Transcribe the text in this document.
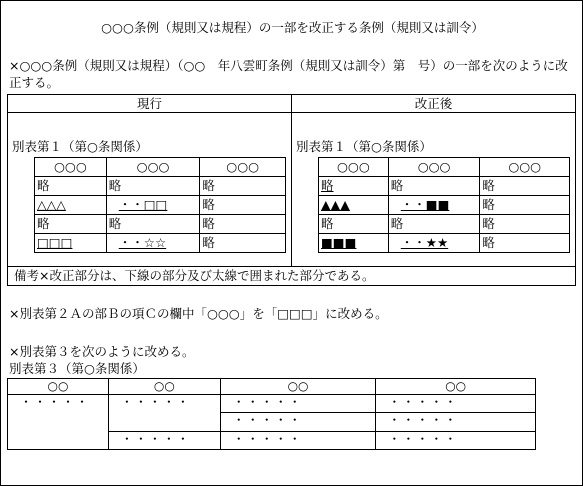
○○○条例（規則又は規程）の一部を改正する条例（規則又は訓令）
×○○○条例（規則又は規程）（○○　年八雲町条例（規則又は訓令）第　号）の一部を次のように改正する。
現行	改正後

別表第１（第○条関係）
○○○	○○○	○○○
略	略	略
△△△	・・□□	略
略	略	略
□□□	・・☆☆	略

別表第１（第○条関係）
○○○	○○○	○○○
略	略	略
▲▲▲	・・■■	略
略	略	略
■■■	・・★★	略

備考×改正部分は、下線の部分及び太線で囲まれた部分である。
×別表第２Ａの部Ｂの項Ｃの欄中「○○○」を「□□□」に改める。
×別表第３を次のように改める。
別表第３（第○条関係）
○○	○○	○○	○○
・・・・・	・・・・・	・・・・・	・・・・・
		・・・・・	・・・・・
	・・・・・	・・・・・	・・・・・
